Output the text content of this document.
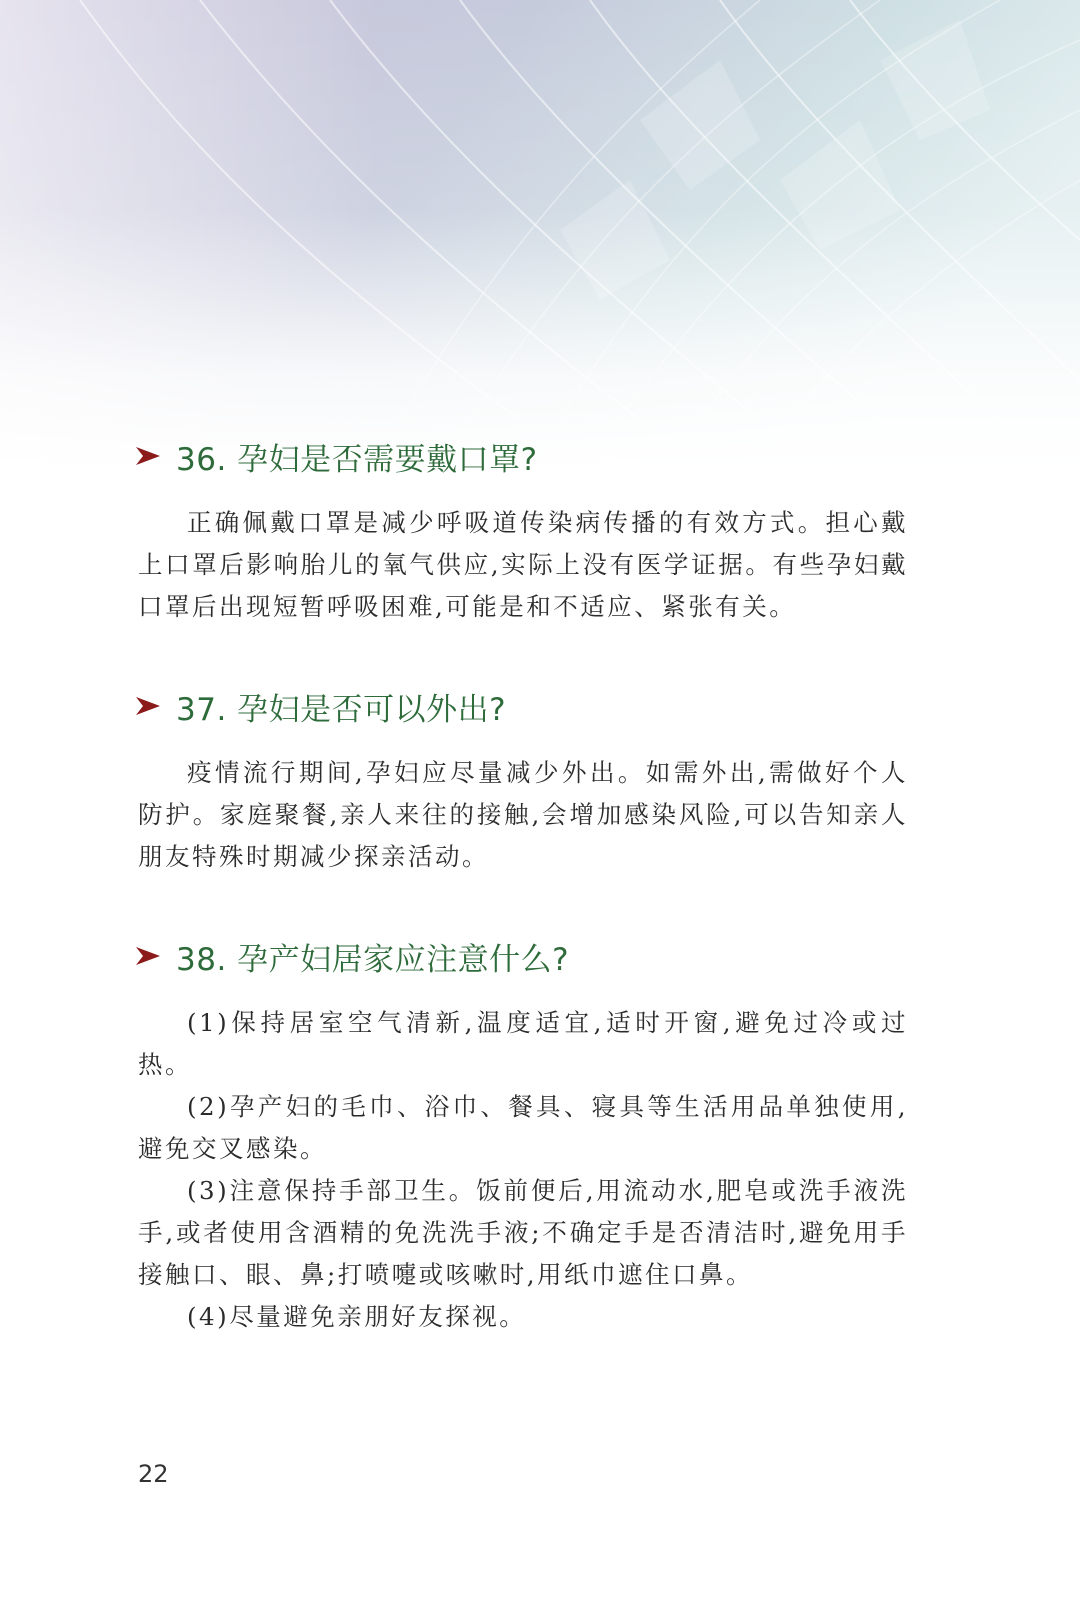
36. 孕妇是否需要戴口罩?

正确佩戴口罩是减少呼吸道传染病传播的有效方式。担心戴上口罩后影响胎儿的氧气供应,实际上没有医学证据。有些孕妇戴口罩后出现短暂呼吸困难,可能是和不适应、紧张有关。

37. 孕妇是否可以外出?

疫情流行期间,孕妇应尽量减少外出。如需外出,需做好个人防护。家庭聚餐,亲人来往的接触,会增加感染风险,可以告知亲人朋友特殊时期减少探亲活动。

38. 孕产妇居家应注意什么?

(1)保持居室空气清新,温度适宜,适时开窗,避免过冷或过热。

(2)孕产妇的毛巾、浴巾、餐具、寝具等生活用品单独使用,避免交叉感染。

(3)注意保持手部卫生。饭前便后,用流动水,肥皂或洗手液洗手,或者使用含酒精的免洗洗手液;不确定手是否清洁时,避免用手接触口、眼、鼻;打喷嚏或咳嗽时,用纸巾遮住口鼻。

(4)尽量避免亲朋好友探视。

22
